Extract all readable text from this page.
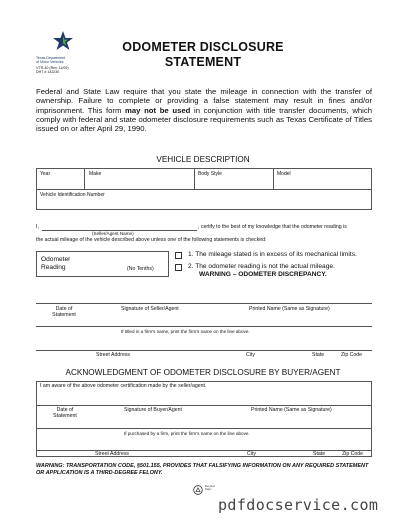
Texas Department
of Motor Vehicles
VTR-40 (Rev. 11/09)
DHT # 142230
ODOMETER DISCLOSURE
STATEMENT
Federal and State Law require that you state the mileage in connection with the transfer of ownership. Failure to complete or providing a false statement may result in fines and/or imprisonment. This form may not be used in conjunction with title transfer documents, which comply with federal and state odometer disclosure requirements such as Texas Certificate of Titles issued on or after April 29, 1990.
VEHICLE DESCRIPTION
Year	Make	Body Style	Model
Vehicle Identification Number
I,	, certify to the best of my knowledge that the odometer reading is
(Seller/Agent Name)
the actual mileage of the vehicle described above unless one of the following statements is checked:
Odometer
Reading	(No Tenths)
1. The mileage stated is in excess of its mechanical limits.
2. The odometer reading is not the actual mileage.
WARNING – ODOMETER DISCREPANCY.
Date of
Statement
Signature of Seller/Agent	Printed Name (Same as Signature)
If titled in a firm's name, print the firm's name on the line above.
Street Address	City	State	Zip Code
ACKNOWLEDGMENT OF ODOMETER DISCLOSURE BY BUYER/AGENT
I am aware of the above odometer certification made by the seller/agent.
Date of
Statement
Signature of Buyer/Agent	Printed Name (Same as Signature)
If purchased by a firm, print the firm's name on the line above.
Street Address	City	State	Zip Code
WARNING: TRANSPORTATION CODE, §501.155, PROVIDES THAT FALSIFYING INFORMATION ON ANY REQUIRED STATEMENT OR APPLICATION IS A THIRD-DEGREE FELONY.
Recycled Paper
pdfdocservice.com
